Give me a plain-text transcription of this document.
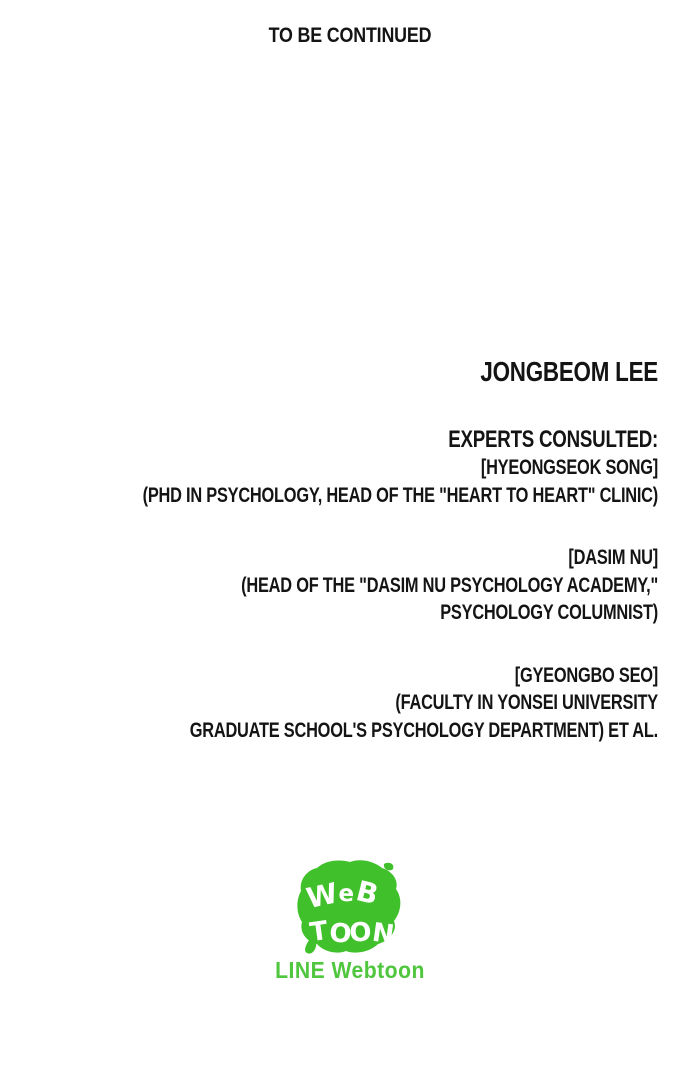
TO BE CONTINUED
JONGBEOM LEE
EXPERTS CONSULTED:
[HYEONGSEOK SONG]
(PHD IN PSYCHOLOGY, HEAD OF THE "HEART TO HEART" CLINIC)
[DASIM NU]
(HEAD OF THE "DASIM NU PSYCHOLOGY ACADEMY,"
PSYCHOLOGY COLUMNIST)
[GYEONGBO SEO]
(FACULTY IN YONSEI UNIVERSITY
GRADUATE SCHOOL'S PSYCHOLOGY DEPARTMENT) ET AL.
W
e
B
T
O
O
N
LINE Webtoon
